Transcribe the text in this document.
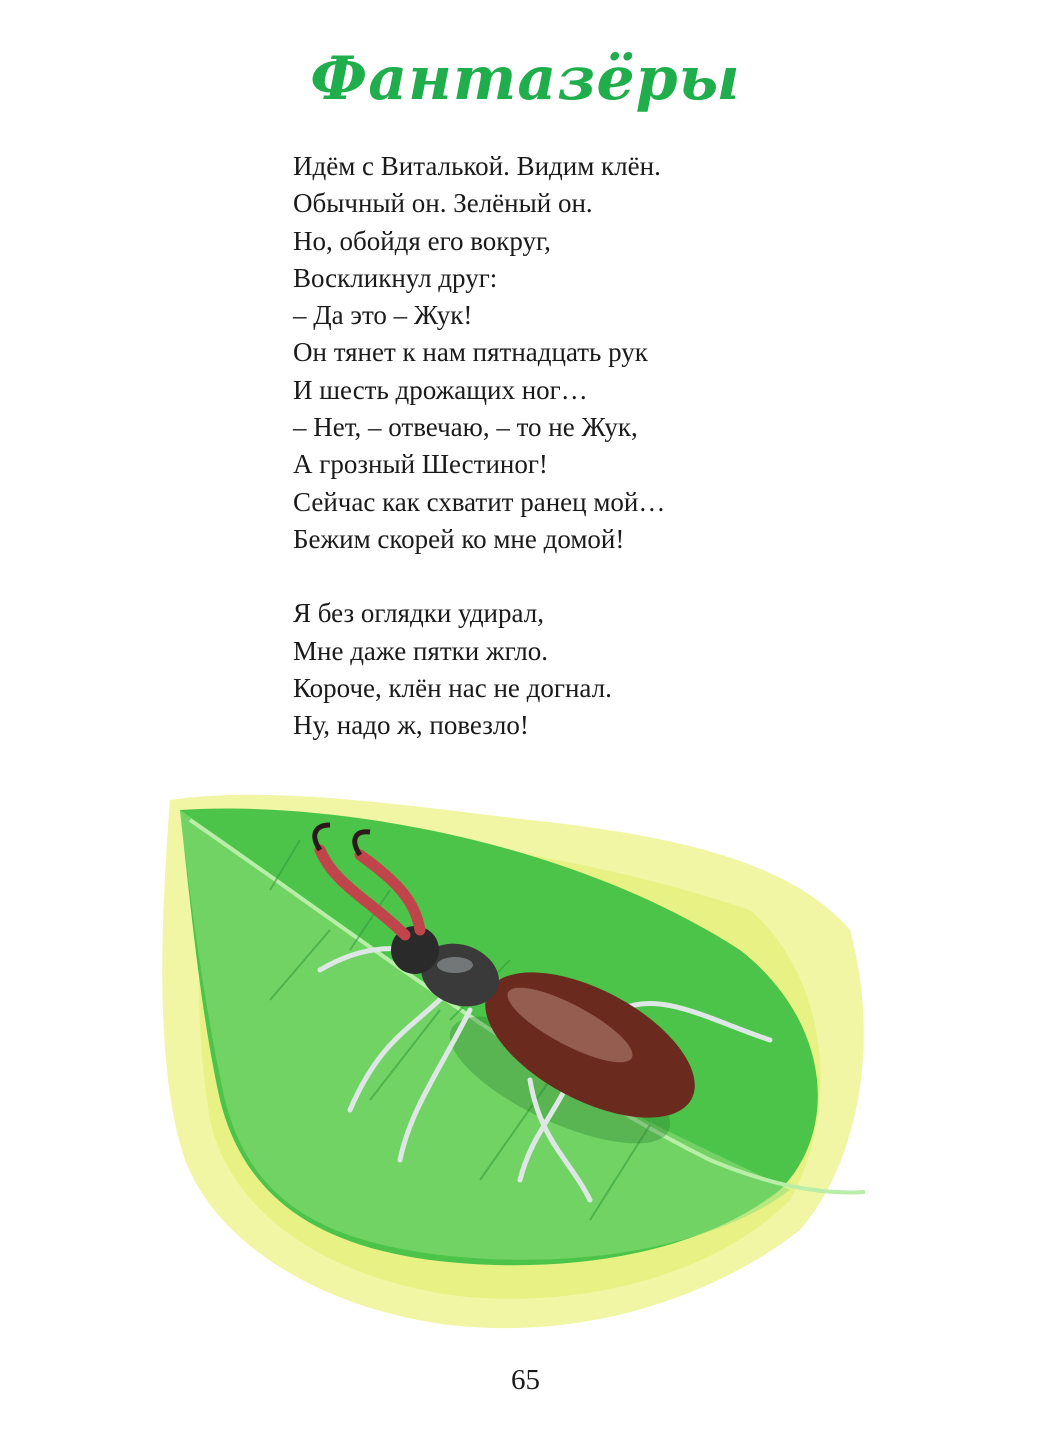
Фантазёры
Идём с Виталькой. Видим клён.
Обычный он. Зелёный он.
Но, обойдя его вокруг,
Воскликнул друг:
– Да это – Жук!
Он тянет к нам пятнадцать рук
И шесть дрожащих ног…
– Нет, – отвечаю, – то не Жук,
А грозный Шестиног!
Сейчас как схватит ранец мой…
Бежим скорей ко мне домой!
Я без оглядки удирал,
Мне даже пятки жгло.
Короче, клён нас не догнал.
Ну, надо ж, повезло!
65
